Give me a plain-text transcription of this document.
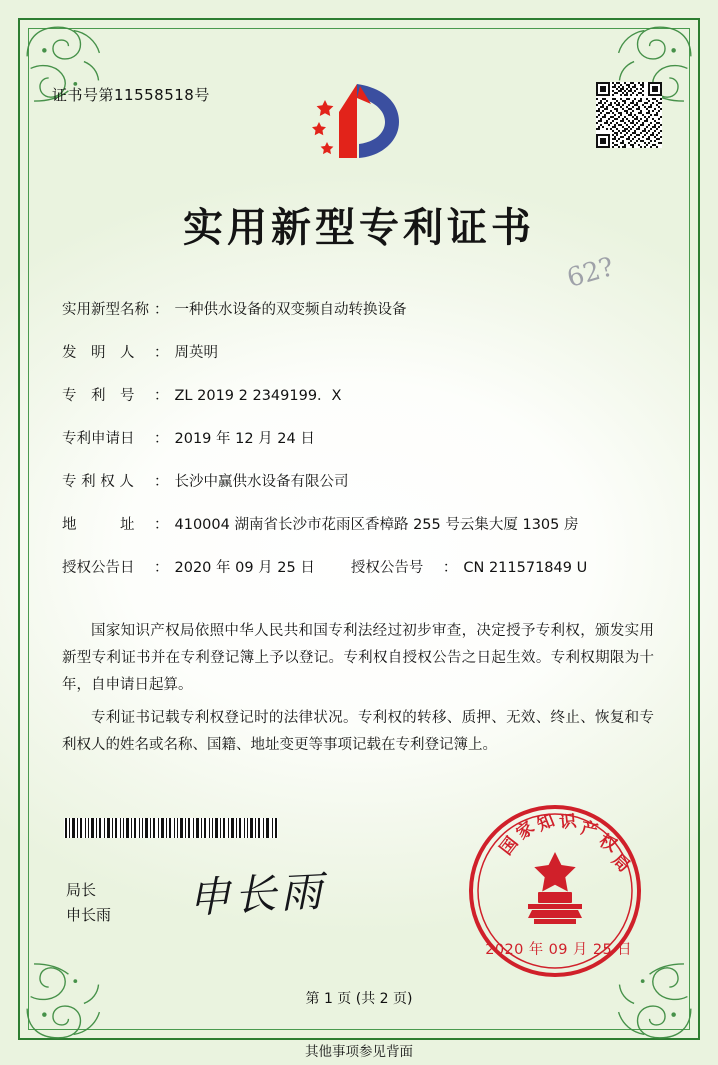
证书号第11558518号
实用新型专利证书
62?
实用新型名称 ： 一种供水设备的双变频自动转换设备
发　明　人	： 周英明
专　利　号	： ZL 2019 2 2349199．X
专利申请日	： 2019 年 12 月 24 日
专 利 权 人	： 长沙中赢供水设备有限公司
地　　　址	： 410004 湖南省长沙市花雨区香樟路 255 号云集大厦 1305 房
授权公告日	： 2020 年 09 月 25 日 授权公告号	： CN 211571849 U

国家知识产权局依照中华人民共和国专利法经过初步审查，决定授予专利权，颁发实用新型专利证书并在专利登记簿上予以登记。专利权自授权公告之日起生效。专利权期限为十年，自申请日起算。

专利证书记载专利权登记时的法律状况。专利权的转移、质押、无效、终止、恢复和专利权人的姓名或名称、国籍、地址变更等事项记载在专利登记簿上。

局长
申长雨 申长雨
国
家
知 识 产
权
局
2020 年 09 月 25 日
第 1 页 (共 2 页)
其他事项参见背面
